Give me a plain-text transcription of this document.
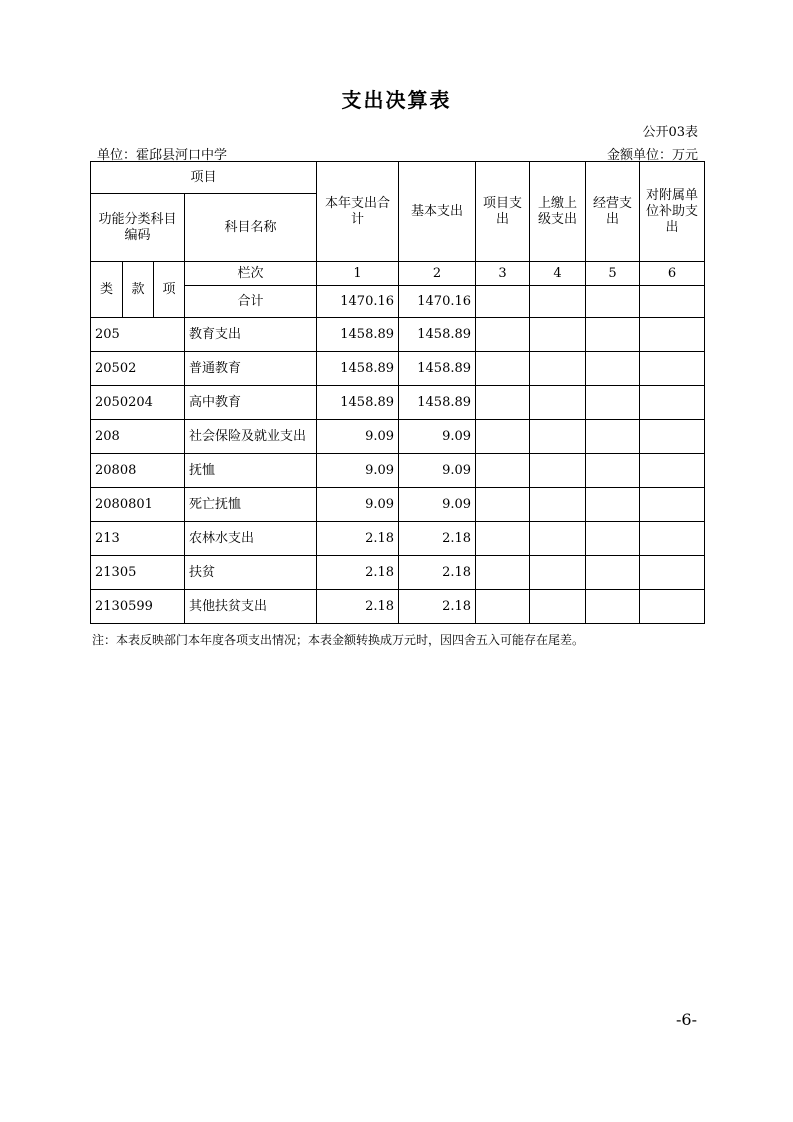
支出决算表
公开03表
单位：霍邱县河口中学	金额单位：万元
项目				本年支出合计	基本支出	项目支出	上缴上级支出	经营支出	对附属单位补助支出
功能分类科目编码			科目名称						
类	款	项	栏次	1	2	3	4	5	6
			合计	1470.16	1470.16				
205			教育支出	1458.89	1458.89				
20502			普通教育	1458.89	1458.89				
2050204			高中教育	1458.89	1458.89				
208			社会保险及就业支出	9.09	9.09				
20808			抚恤	9.09	9.09				
2080801			死亡抚恤	9.09	9.09				
213			农林水支出	2.18	2.18				
21305			扶贫	2.18	2.18				
2130599			其他扶贫支出	2.18	2.18				
注：本表反映部门本年度各项支出情况；本表金额转换成万元时，因四舍五入可能存在尾差。
-6-
